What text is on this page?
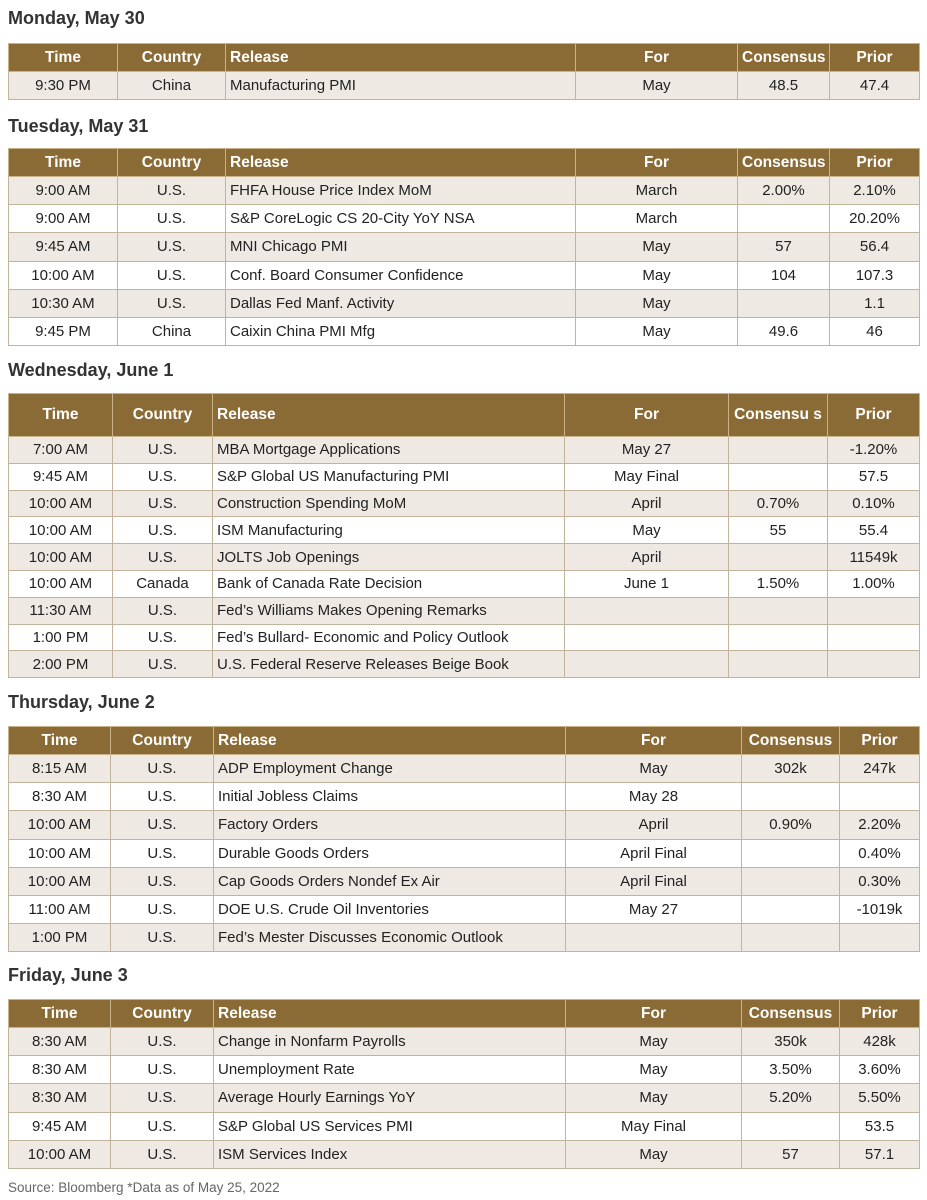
Monday, May 30
Time	Country	Release	For	Consensus	Prior
9:30 PM	China	Manufacturing PMI	May	48.5	47.4
Tuesday, May 31
Time	Country	Release	For	Consensus	Prior
9:00 AM	U.S.	FHFA House Price Index MoM	March	2.00%	2.10%
9:00 AM	U.S.	S&P CoreLogic CS 20-City YoY NSA	March		20.20%
9:45 AM	U.S.	MNI Chicago PMI	May	57	56.4
10:00 AM	U.S.	Conf. Board Consumer Confidence	May	104	107.3
10:30 AM	U.S.	Dallas Fed Manf. Activity	May		1.1
9:45 PM	China	Caixin China PMI Mfg	May	49.6	46
Wednesday, June 1
Time	Country	Release	For	Consensu s	Prior
7:00 AM	U.S.	MBA Mortgage Applications	May 27		-1.20%
9:45 AM	U.S.	S&P Global US Manufacturing PMI	May Final		57.5
10:00 AM	U.S.	Construction Spending MoM	April	0.70%	0.10%
10:00 AM	U.S.	ISM Manufacturing	May	55	55.4
10:00 AM	U.S.	JOLTS Job Openings	April		11549k
10:00 AM	Canada	Bank of Canada Rate Decision	June 1	1.50%	1.00%
11:30 AM	U.S.	Fed’s Williams Makes Opening Remarks			
1:00 PM	U.S.	Fed’s Bullard- Economic and Policy Outlook			
2:00 PM	U.S.	U.S. Federal Reserve Releases Beige Book			
Thursday, June 2
Time	Country	Release	For	Consensus	Prior
8:15 AM	U.S.	ADP Employment Change	May	302k	247k
8:30 AM	U.S.	Initial Jobless Claims	May 28		
10:00 AM	U.S.	Factory Orders	April	0.90%	2.20%
10:00 AM	U.S.	Durable Goods Orders	April Final		0.40%
10:00 AM	U.S.	Cap Goods Orders Nondef Ex Air	April Final		0.30%
11:00 AM	U.S.	DOE U.S. Crude Oil Inventories	May 27		-1019k
1:00 PM	U.S.	Fed’s Mester Discusses Economic Outlook			
Friday, June 3
Time	Country	Release	For	Consensus	Prior
8:30 AM	U.S.	Change in Nonfarm Payrolls	May	350k	428k
8:30 AM	U.S.	Unemployment Rate	May	3.50%	3.60%
8:30 AM	U.S.	Average Hourly Earnings YoY	May	5.20%	5.50%
9:45 AM	U.S.	S&P Global US Services PMI	May Final		53.5
10:00 AM	U.S.	ISM Services Index	May	57	57.1
Source: Bloomberg *Data as of May 25, 2022
